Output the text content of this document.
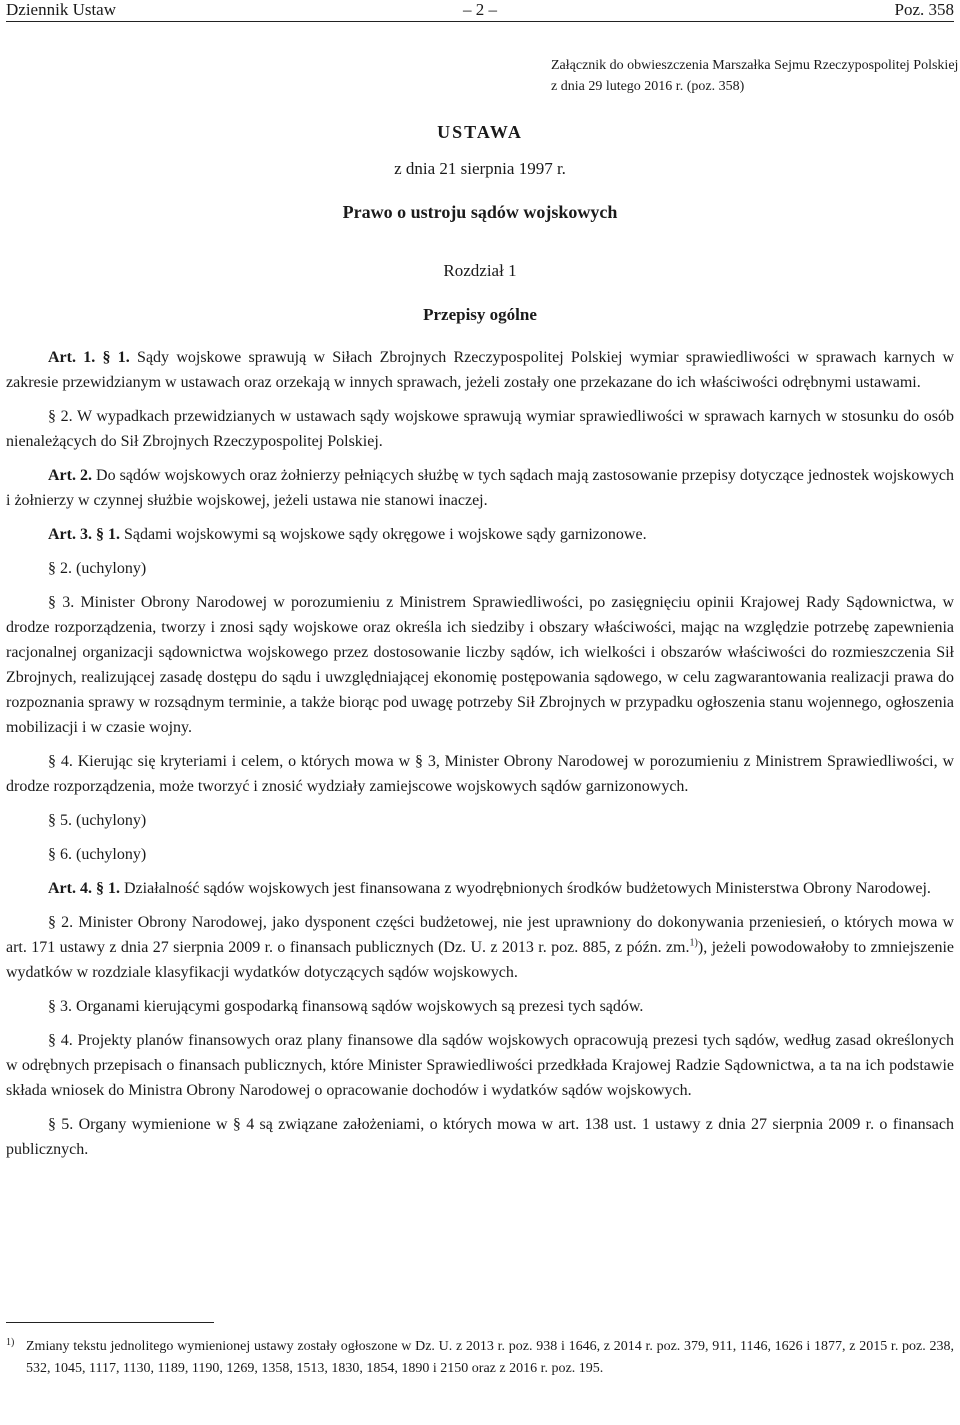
Dziennik Ustaw	– 2 –	Poz. 358
Załącznik do obwieszczenia Marszałka Sejmu Rzeczypospolitej Polskiej z dnia 29 lutego 2016 r. (poz. 358)
USTAWA
z dnia 21 sierpnia 1997 r.
Prawo o ustroju sądów wojskowych
Rozdział 1
Przepisy ogólne

Art. 1. § 1. Sądy wojskowe sprawują w Siłach Zbrojnych Rzeczypospolitej Polskiej wymiar sprawiedliwości w sprawach karnych w zakresie przewidzianym w ustawach oraz orzekają w innych sprawach, jeżeli zostały one przekazane do ich właściwości odrębnymi ustawami.

§ 2. W wypadkach przewidzianych w ustawach sądy wojskowe sprawują wymiar sprawiedliwości w sprawach karnych w stosunku do osób nienależących do Sił Zbrojnych Rzeczypospolitej Polskiej.

Art. 2. Do sądów wojskowych oraz żołnierzy pełniących służbę w tych sądach mają zastosowanie przepisy dotyczące jednostek wojskowych i żołnierzy w czynnej służbie wojskowej, jeżeli ustawa nie stanowi inaczej.

Art. 3. § 1. Sądami wojskowymi są wojskowe sądy okręgowe i wojskowe sądy garnizonowe.

§ 2. (uchylony)

§ 3. Minister Obrony Narodowej w porozumieniu z Ministrem Sprawiedliwości, po zasięgnięciu opinii Krajowej Rady Sądownictwa, w drodze rozporządzenia, tworzy i znosi sądy wojskowe oraz określa ich siedziby i obszary właściwości, mając na względzie potrzebę zapewnienia racjonalnej organizacji sądownictwa wojskowego przez dostosowanie liczby sądów, ich wielkości i obszarów właściwości do rozmieszczenia Sił Zbrojnych, realizującej zasadę dostępu do sądu i uwzględniającej ekonomię postępowania sądowego, w celu zagwarantowania realizacji prawa do rozpoznania sprawy w rozsądnym terminie, a także biorąc pod uwagę potrzeby Sił Zbrojnych w przypadku ogłoszenia stanu wojennego, ogłoszenia mobilizacji i w czasie wojny.

§ 4. Kierując się kryteriami i celem, o których mowa w § 3, Minister Obrony Narodowej w porozumieniu z Ministrem Sprawiedliwości, w drodze rozporządzenia, może tworzyć i znosić wydziały zamiejscowe wojskowych sądów garnizonowych.

§ 5. (uchylony)

§ 6. (uchylony)

Art. 4. § 1. Działalność sądów wojskowych jest finansowana z wyodrębnionych środków budżetowych Ministerstwa Obrony Narodowej.

§ 2. Minister Obrony Narodowej, jako dysponent części budżetowej, nie jest uprawniony do dokonywania przeniesień, o których mowa w art. 171 ustawy z dnia 27 sierpnia 2009 r. o finansach publicznych (Dz. U. z 2013 r. poz. 885, z późn. zm.$^{1)}$), jeżeli powodowałoby to zmniejszenie wydatków w rozdziale klasyfikacji wydatków dotyczących sądów wojskowych.

§ 3. Organami kierującymi gospodarką finansową sądów wojskowych są prezesi tych sądów.

§ 4. Projekty planów finansowych oraz plany finansowe dla sądów wojskowych opracowują prezesi tych sądów, według zasad określonych w odrębnych przepisach o finansach publicznych, które Minister Sprawiedliwości przedkłada Krajowej Radzie Sądownictwa, a ta na ich podstawie składa wniosek do Ministra Obrony Narodowej o opracowanie dochodów i wydatków sądów wojskowych.

§ 5. Organy wymienione w § 4 są związane założeniami, o których mowa w art. 138 ust. 1 ustawy z dnia 27 sierpnia 2009 r. o finansach publicznych.

1) Zmiany tekstu jednolitego wymienionej ustawy zostały ogłoszone w Dz. U. z 2013 r. poz. 938 i 1646, z 2014 r. poz. 379, 911, 1146, 1626 i 1877, z 2015 r. poz. 238, 532, 1045, 1117, 1130, 1189, 1190, 1269, 1358, 1513, 1830, 1854, 1890 i 2150 oraz z 2016 r. poz. 195.
